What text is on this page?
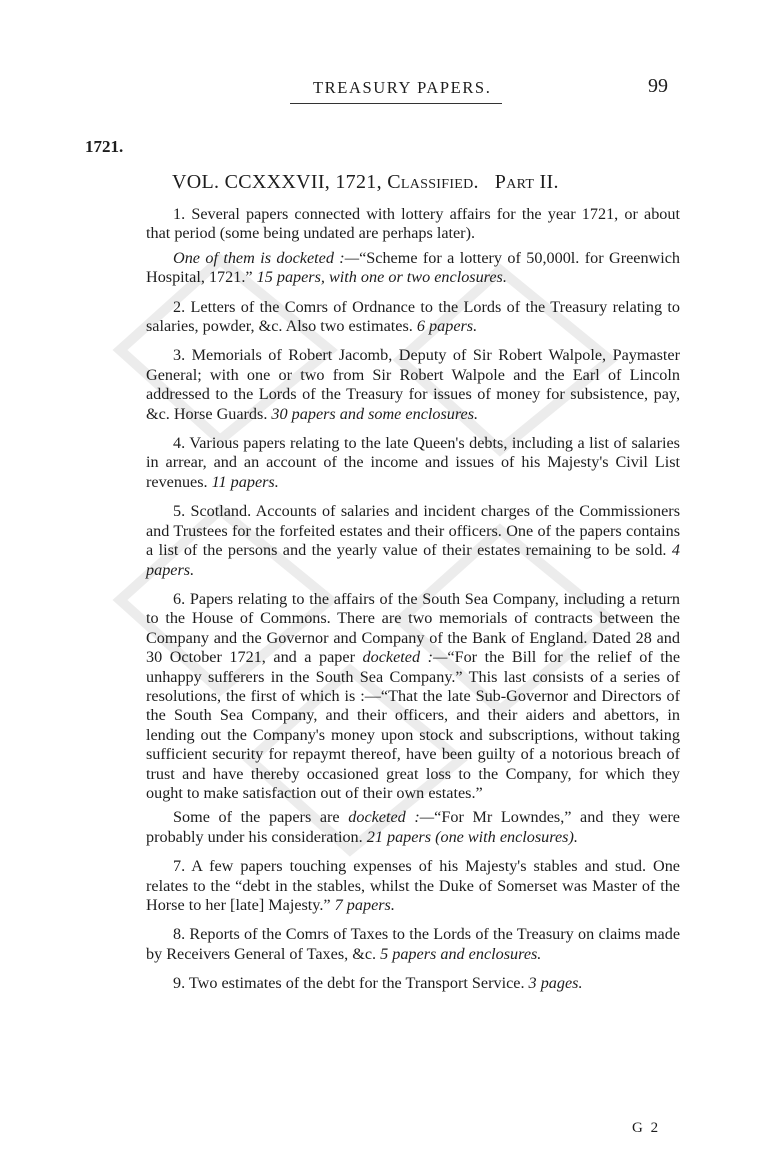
TREASURY PAPERS.	99
1721.
VOL. CCXXXVII, 1721, Classified. Part II.

1. Several papers connected with lottery affairs for the year 1721, or about that period (some being undated are perhaps later).

One of them is docketed :—“Scheme for a lottery of 50,000l. for Greenwich Hospital, 1721.” 15 papers, with one or two enclosures.

2. Letters of the Comrs of Ordnance to the Lords of the Treasury relating to salaries, powder, &c. Also two estimates. 6 papers.

3. Memorials of Robert Jacomb, Deputy of Sir Robert Walpole, Paymaster General; with one or two from Sir Robert Walpole and the Earl of Lincoln addressed to the Lords of the Treasury for issues of money for subsistence, pay, &c. Horse Guards. 30 papers and some enclosures.

4. Various papers relating to the late Queen's debts, including a list of salaries in arrear, and an account of the income and issues of his Majesty's Civil List revenues. 11 papers.

5. Scotland. Accounts of salaries and incident charges of the Commissioners and Trustees for the forfeited estates and their officers. One of the papers contains a list of the persons and the yearly value of their estates remaining to be sold. 4 papers.

6. Papers relating to the affairs of the South Sea Company, including a return to the House of Commons. There are two memorials of contracts between the Company and the Governor and Company of the Bank of England. Dated 28 and 30 October 1721, and a paper docketed :—“For the Bill for the relief of the unhappy sufferers in the South Sea Company.” This last consists of a series of resolutions, the first of which is :—“That the late Sub-Governor and Directors of the South Sea Company, and their officers, and their aiders and abettors, in lending out the Company's money upon stock and subscriptions, without taking sufficient security for repaymt thereof, have been guilty of a notorious breach of trust and have thereby occasioned great loss to the Company, for which they ought to make satisfaction out of their own estates.”

Some of the papers are docketed :—“For Mr Lowndes,” and they were probably under his consideration. 21 papers (one with enclosures).

7. A few papers touching expenses of his Majesty's stables and stud. One relates to the “debt in the stables, whilst the Duke of Somerset was Master of the Horse to her [late] Majesty.” 7 papers.

8. Reports of the Comrs of Taxes to the Lords of the Treasury on claims made by Receivers General of Taxes, &c. 5 papers and enclosures.

9. Two estimates of the debt for the Transport Service. 3 pages.

G 2
